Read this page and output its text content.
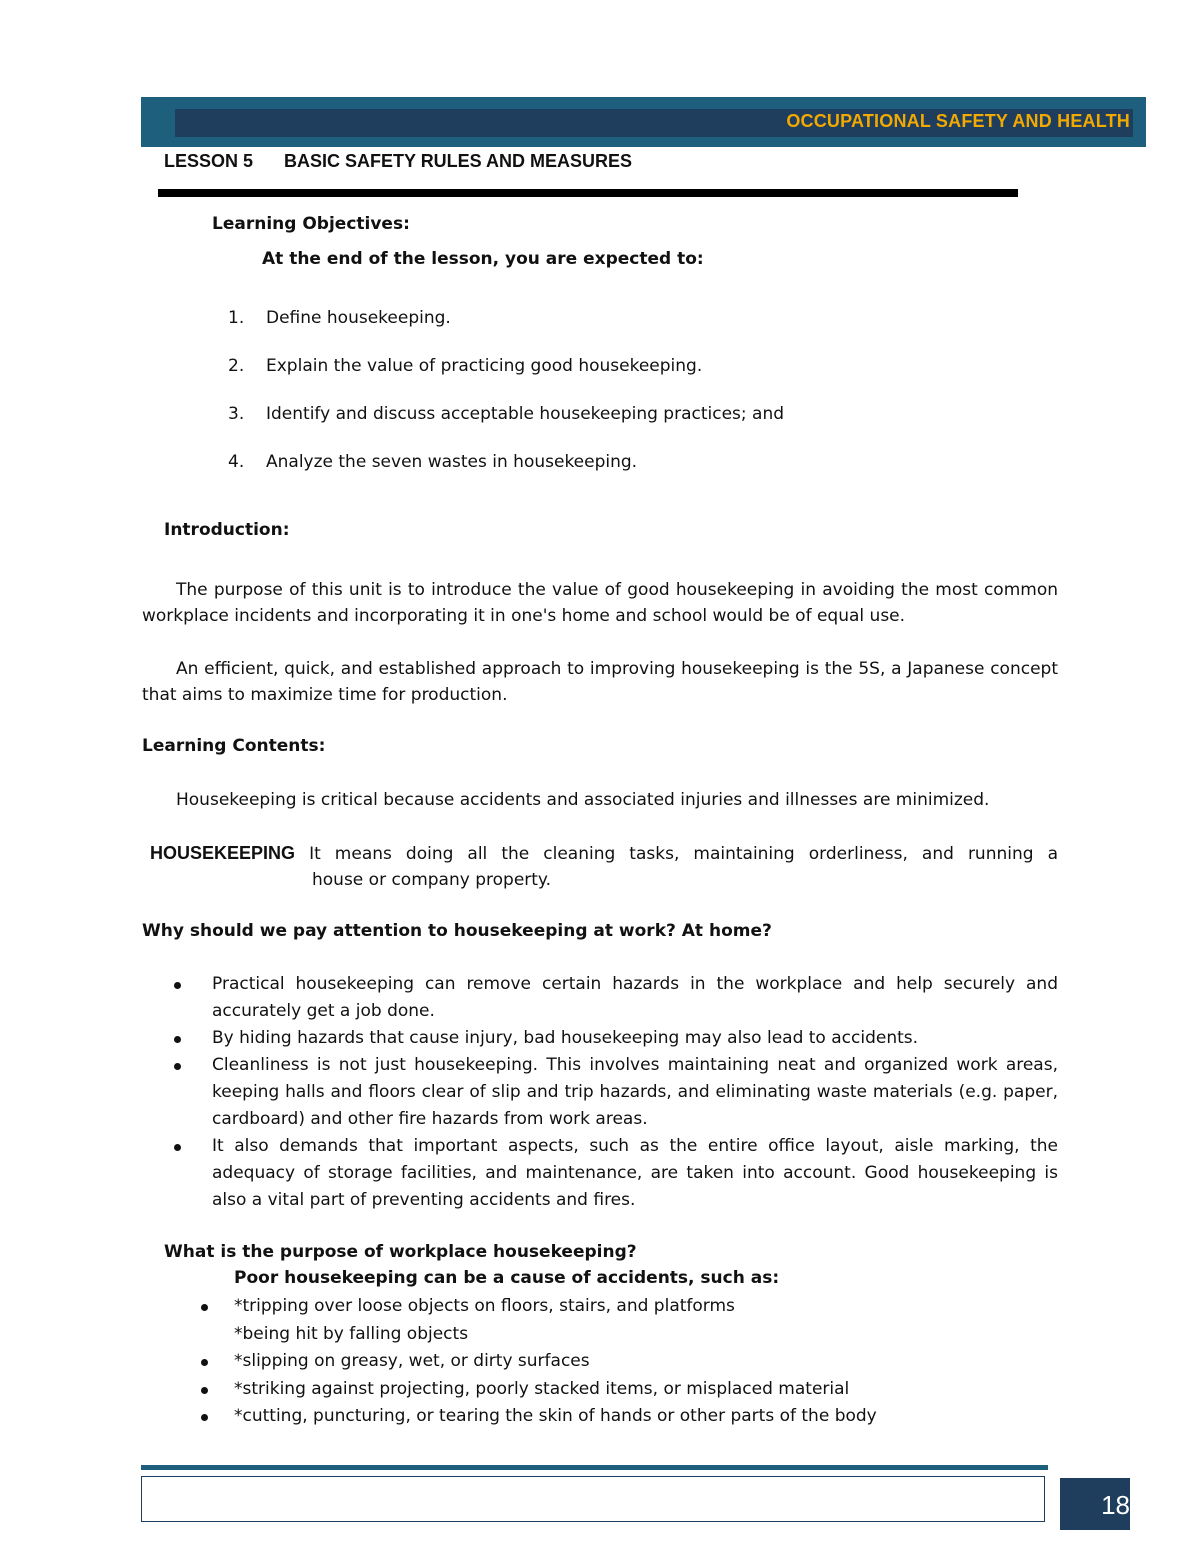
OCCUPATIONAL SAFETY AND HEALTH
LESSON 5 BASIC SAFETY RULES AND MEASURES
Learning Objectives:
At the end of the lesson, you are expected to:
1. Define housekeeping.
2. Explain the value of practicing good housekeeping.
3. Identify and discuss acceptable housekeeping practices; and
4. Analyze the seven wastes in housekeeping.
Introduction:
The purpose of this unit is to introduce the value of good housekeeping in avoiding the most common workplace incidents and incorporating it in one's home and school would be of equal use.
An efficient, quick, and established approach to improving housekeeping is the 5S, a Japanese concept that aims to maximize time for production.
Learning Contents:
Housekeeping is critical because accidents and associated injuries and illnesses are minimized.
HOUSEKEEPING It means doing all the cleaning tasks, maintaining orderliness, and running a
house or company property.
Why should we pay attention to housekeeping at work? At home?
Practical housekeeping can remove certain hazards in the workplace and help securely and accurately get a job done.
By hiding hazards that cause injury, bad housekeeping may also lead to accidents.
Cleanliness is not just housekeeping. This involves maintaining neat and organized work areas, keeping halls and floors clear of slip and trip hazards, and eliminating waste materials (e.g. paper, cardboard) and other fire hazards from work areas.
It also demands that important aspects, such as the entire office layout, aisle marking, the adequacy of storage facilities, and maintenance, are taken into account. Good housekeeping is also a vital part of preventing accidents and fires.
What is the purpose of workplace housekeeping?
Poor housekeeping can be a cause of accidents, such as:
*tripping over loose objects on floors, stairs, and platforms
*being hit by falling objects
*slipping on greasy, wet, or dirty surfaces
*striking against projecting, poorly stacked items, or misplaced material
*cutting, puncturing, or tearing the skin of hands or other parts of the body
18
